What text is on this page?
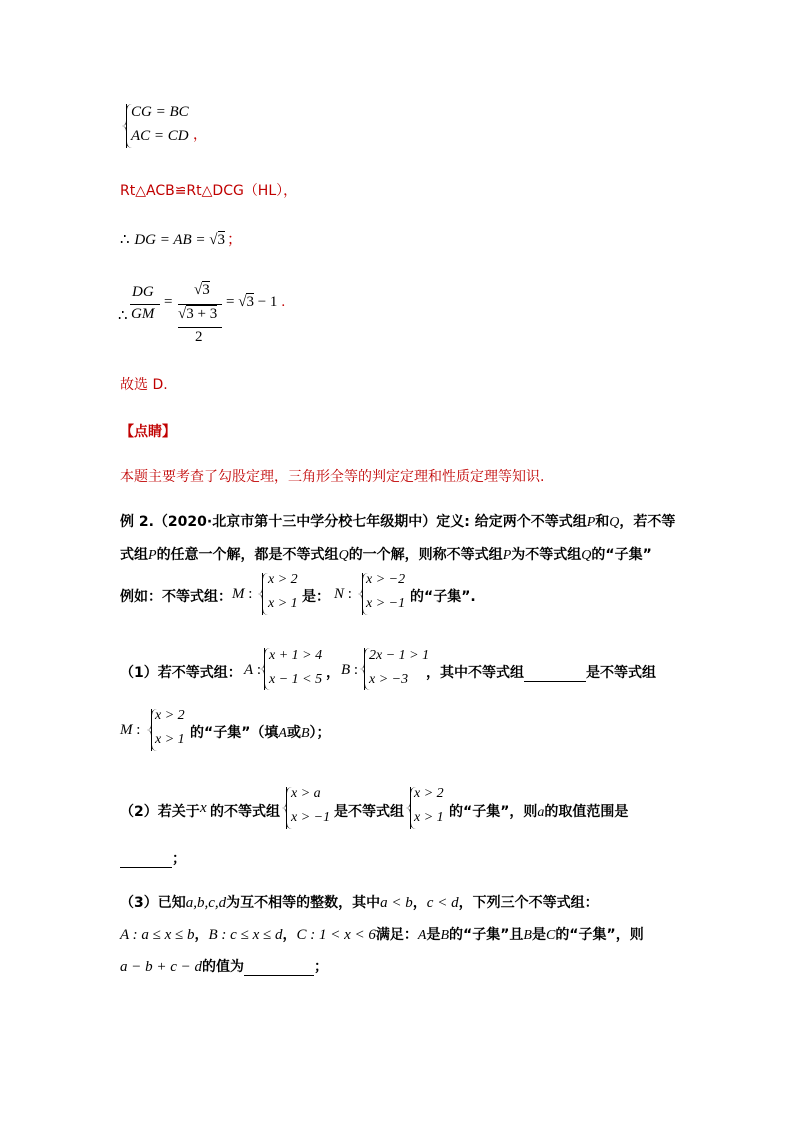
CG = BC
AC = CD ，
Rt△ACB≌Rt△DCG（HL），
∴ DG = AB = √3 ；
∴
DG
GM
=
√3
√3 + 3
2
= √3 − 1 .
故选 D.
【点睛】
本题主要考查了勾股定理，三角形全等的判定定理和性质定理等知识.
例 2.（2020·北京市第十三中学分校七年级期中）定义: 给定两个不等式组P和Q，若不等
式组P的任意一个解，都是不等式组Q的一个解，则称不等式组P为不等式组Q的“子集”
例如：不等式组： M :
x > 2
x > 1 是： N :
x > −2
x > −1 的“子集”.
（1）若不等式组： A :
x + 1 > 4
x − 1 < 5 ， B :
2x − 1 > 1
x > −3 ，其中不等式组	是不等式组
M :
x > 2
x > 1 的“子集”（填A或B）；
（2）若关于 x 的不等式组
x > a
x > −1 是不等式组
x > 2
x > 1 的“子集”，则a的取值范围是
；
（3）已知a,b,c,d为互不相等的整数，其中a < b，c < d，下列三个不等式组：
A : a ≤ x ≤ b，B : c ≤ x ≤ d，C : 1 < x < 6满足：A是B的“子集”且B是C的“子集”，则
a − b + c − d的值为	；
